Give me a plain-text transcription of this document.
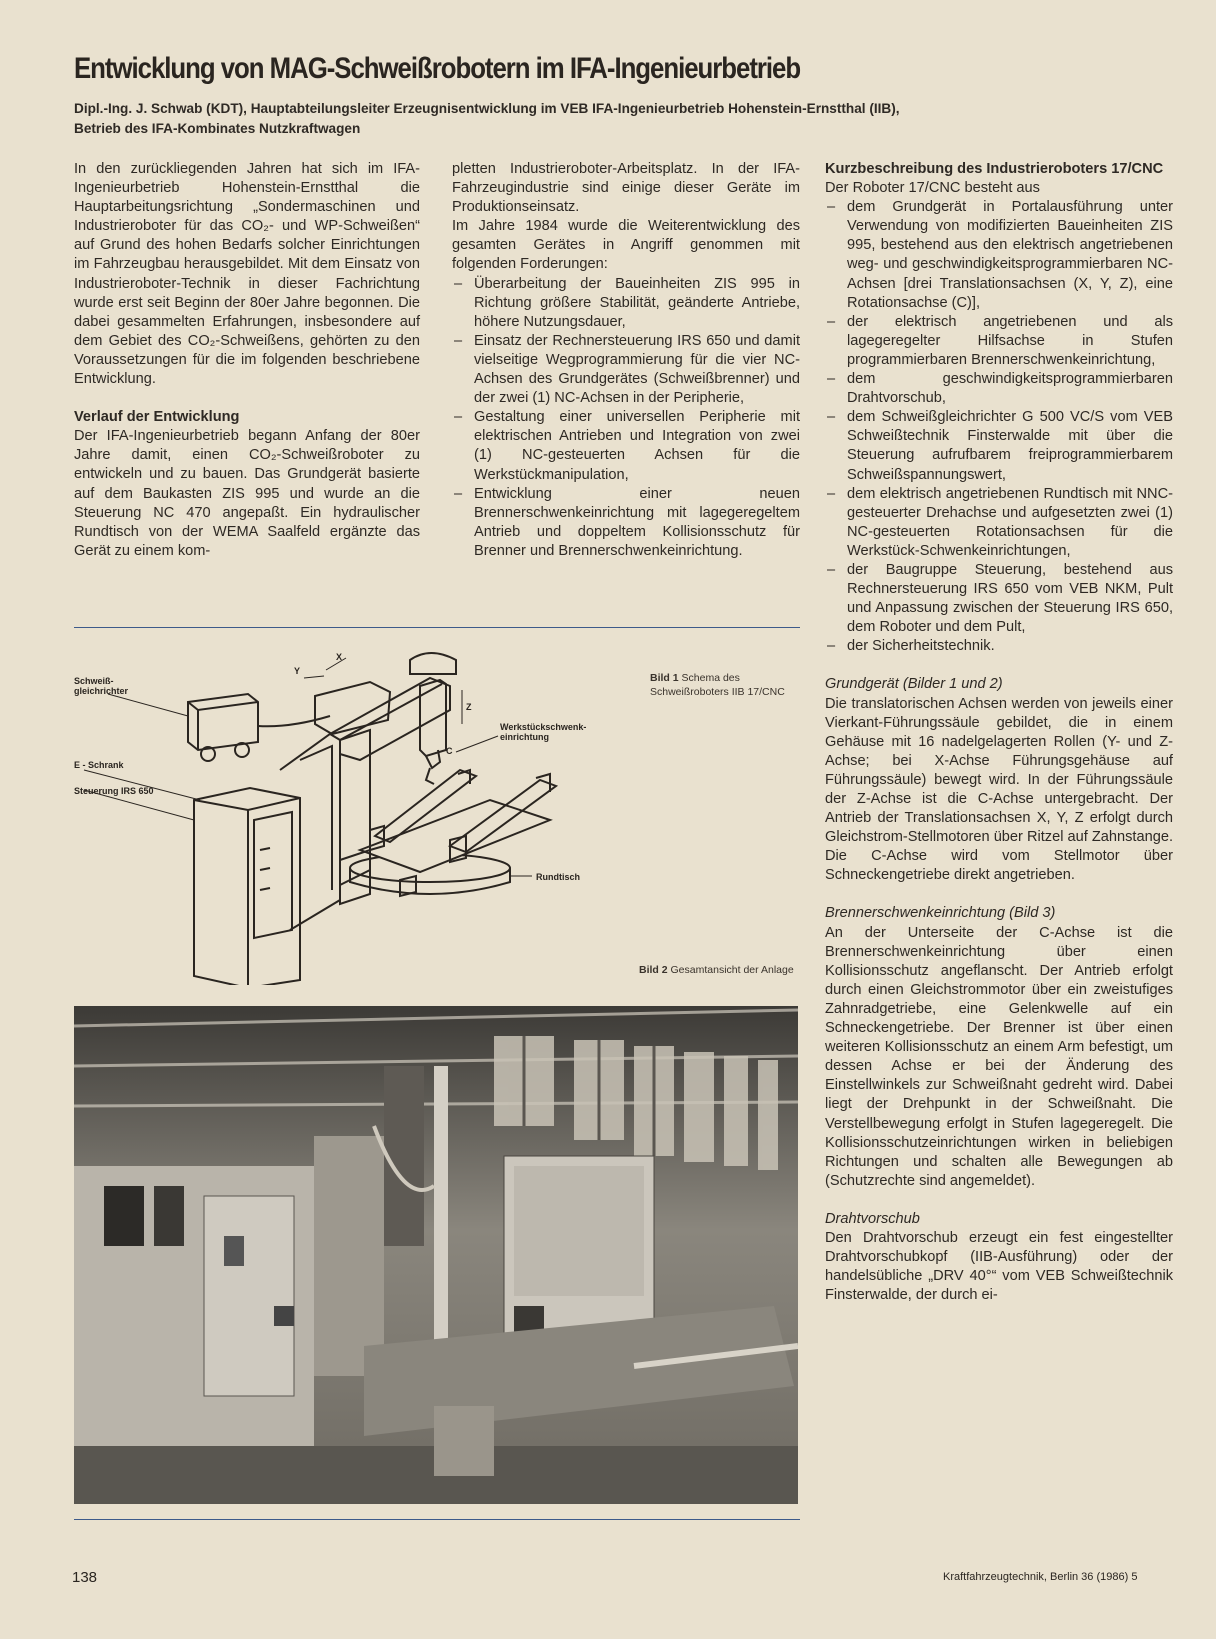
Entwicklung von MAG-Schweißrobotern im IFA-Ingenieurbetrieb
Dipl.-Ing. J. Schwab (KDT), Hauptabteilungsleiter Erzeugnisentwicklung im VEB IFA-Ingenieurbetrieb Hohenstein-Ernstthal (IIB),
Betrieb des IFA-Kombinates Nutzkraftwagen

In den zurückliegenden Jahren hat sich im IFA-Ingenieurbetrieb Hohenstein-Ernstthal die Hauptarbeitungsrichtung „Sondermaschinen und Industrieroboter für das CO₂- und WP-Schweißen“ auf Grund des hohen Bedarfs solcher Einrichtungen im Fahrzeugbau herausgebildet. Mit dem Einsatz von Industrieroboter-Technik in dieser Fachrichtung wurde erst seit Beginn der 80er Jahre begonnen. Die dabei gesammelten Erfahrungen, insbesondere auf dem Gebiet des CO₂-Schweißens, gehörten zu den Voraussetzungen für die im folgenden beschriebene Entwicklung.

Verlauf der Entwicklung

Der IFA-Ingenieurbetrieb begann Anfang der 80er Jahre damit, einen CO₂-Schweißroboter zu entwickeln und zu bauen. Das Grundgerät basierte auf dem Baukasten ZIS 995 und wurde an die Steuerung NC 470 angepaßt. Ein hydraulischer Rundtisch von der WEMA Saalfeld ergänzte das Gerät zu einem kom-

pletten Industrieroboter-Arbeitsplatz. In der IFA-Fahrzeugindustrie sind einige dieser Geräte im Produktionseinsatz.

Im Jahre 1984 wurde die Weiterentwicklung des gesamten Gerätes in Angriff genommen mit folgenden Forderungen:

– Überarbeitung der Baueinheiten ZIS 995 in Richtung größere Stabilität, geänderte Antriebe, höhere Nutzungsdauer,
– Einsatz der Rechnersteuerung IRS 650 und damit vielseitige Wegprogrammierung für die vier NC-Achsen des Grundgerätes (Schweißbrenner) und der zwei (1) NC-Achsen in der Peripherie,
– Gestaltung einer universellen Peripherie mit elektrischen Antrieben und Integration von zwei (1) NC-gesteuerten Achsen für die Werkstückmanipulation,
– Entwicklung einer neuen Brennerschwenkeinrichtung mit lagegeregeltem Antrieb und doppeltem Kollisionsschutz für Brenner und Brennerschwenkeinrichtung.
Kurzbeschreibung des Industrieroboters 17/CNC

Der Roboter 17/CNC besteht aus

– dem Grundgerät in Portalausführung unter Verwendung von modifizierten Baueinheiten ZIS 995, bestehend aus den elektrisch angetriebenen weg- und geschwindigkeitsprogrammierbaren NC-Achsen [drei Translationsachsen (X, Y, Z), eine Rotationsachse (C)],
– der elektrisch angetriebenen und als lagegeregelter Hilfsachse in Stufen programmierbaren Brennerschwenkeinrichtung,
– dem geschwindigkeitsprogrammierbaren Drahtvorschub,
– dem Schweißgleichrichter G 500 VC/S vom VEB Schweißtechnik Finsterwalde mit über die Steuerung aufrufbarem freiprogrammierbarem Schweißspannungswert,
– dem elektrisch angetriebenen Rundtisch mit NNC-gesteuerter Drehachse und aufgesetzten zwei (1) NC-gesteuerten Rotationsachsen für die Werkstück-Schwenkeinrichtungen,
– der Baugruppe Steuerung, bestehend aus Rechnersteuerung IRS 650 vom VEB NKM, Pult und Anpassung zwischen der Steuerung IRS 650, dem Roboter und dem Pult,
– der Sicherheitstechnik.

Grundgerät (Bilder 1 und 2)

Die translatorischen Achsen werden von jeweils einer Vierkant-Führungssäule gebildet, die in einem Gehäuse mit 16 nadelgelagerten Rollen (Y- und Z-Achse; bei X-Achse Führungsgehäuse auf Führungssäule) bewegt wird. In der Führungssäule der Z-Achse ist die C-Achse untergebracht. Der Antrieb der Translationsachsen X, Y, Z erfolgt durch Gleichstrom-Stellmotoren über Ritzel auf Zahnstange. Die C-Achse wird vom Stellmotor über Schneckengetriebe direkt angetrieben.

Brennerschwenkeinrichtung (Bild 3)

An der Unterseite der C-Achse ist die Brennerschwenkeinrichtung über einen Kollisionsschutz angeflanscht. Der Antrieb erfolgt durch einen Gleichstrommotor über ein zweistufiges Zahnradgetriebe, eine Gelenkwelle auf ein Schneckengetriebe. Der Brenner ist über einen weiteren Kollisionsschutz an einem Arm befestigt, um dessen Achse er bei der Änderung des Einstellwinkels zur Schweißnaht gedreht wird. Dabei liegt der Drehpunkt in der Schweißnaht. Die Verstellbewegung erfolgt in Stufen lagegeregelt. Die Kollisionsschutzeinrichtungen wirken in beliebigen Richtungen und schalten alle Bewegungen ab (Schutzrechte sind angemeldet).

Drahtvorschub

Den Drahtvorschub erzeugt ein fest eingestellter Drahtvorschubkopf (IIB-Ausführung) oder der handelsübliche „DRV 40°“ vom VEB Schweißtechnik Finsterwalde, der durch ei-

Schweiß-
gleichrichter
E - Schrank
Steuerung IRS 650
Werkstückschwenk-
einrichtung
Rundtisch
Y
X
Z
C
Bild 1 Schema des Schweißroboters IIB 17/CNC
Bild 2 Gesamtansicht der Anlage
138	Kraftfahrzeugtechnik, Berlin 36 (1986) 5
